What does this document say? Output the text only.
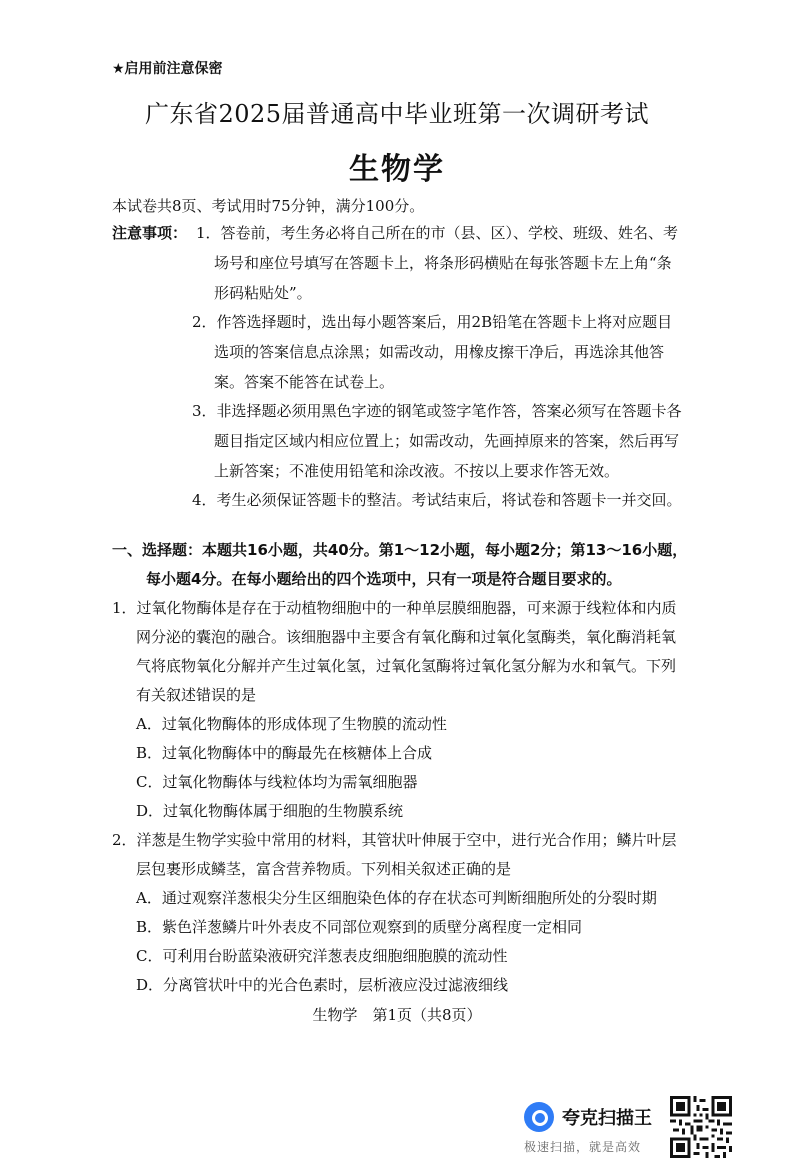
★启用前注意保密
广东省2025届普通高中毕业班第一次调研考试
生物学
本试卷共8页、考试用时75分钟，满分100分。
注意事项： 1．答卷前，考生务必将自己所在的市（县、区）、学校、班级、姓名、考
场号和座位号填写在答题卡上，将条形码横贴在每张答题卡左上角“条
形码粘贴处”。
2．作答选择题时，选出每小题答案后，用2B铅笔在答题卡上将对应题目
选项的答案信息点涂黑；如需改动，用橡皮擦干净后，再选涂其他答
案。答案不能答在试卷上。
3．非选择题必须用黑色字迹的钢笔或签字笔作答，答案必须写在答题卡各
题目指定区域内相应位置上；如需改动，先画掉原来的答案，然后再写
上新答案；不准使用铅笔和涂改液。不按以上要求作答无效。
4．考生必须保证答题卡的整洁。考试结束后，将试卷和答题卡一并交回。
一、选择题：本题共16小题，共40分。第1～12小题，每小题2分；第13～16小题，
每小题4分。在每小题给出的四个选项中，只有一项是符合题目要求的。
1．过氧化物酶体是存在于动植物细胞中的一种单层膜细胞器，可来源于线粒体和内质
网分泌的囊泡的融合。该细胞器中主要含有氧化酶和过氧化氢酶类，氧化酶消耗氧
气将底物氧化分解并产生过氧化氢，过氧化氢酶将过氧化氢分解为水和氧气。下列
有关叙述错误的是
A．过氧化物酶体的形成体现了生物膜的流动性
B．过氧化物酶体中的酶最先在核糖体上合成
C．过氧化物酶体与线粒体均为需氧细胞器
D．过氧化物酶体属于细胞的生物膜系统
2．洋葱是生物学实验中常用的材料，其管状叶伸展于空中，进行光合作用；鳞片叶层
层包裹形成鳞茎，富含营养物质。下列相关叙述正确的是
A．通过观察洋葱根尖分生区细胞染色体的存在状态可判断细胞所处的分裂时期
B．紫色洋葱鳞片叶外表皮不同部位观察到的质壁分离程度一定相同
C．可利用台盼蓝染液研究洋葱表皮细胞细胞膜的流动性
D．分离管状叶中的光合色素时，层析液应没过滤液细线
生物学　第1页（共8页）
夸克扫描王
极速扫描，就是高效
